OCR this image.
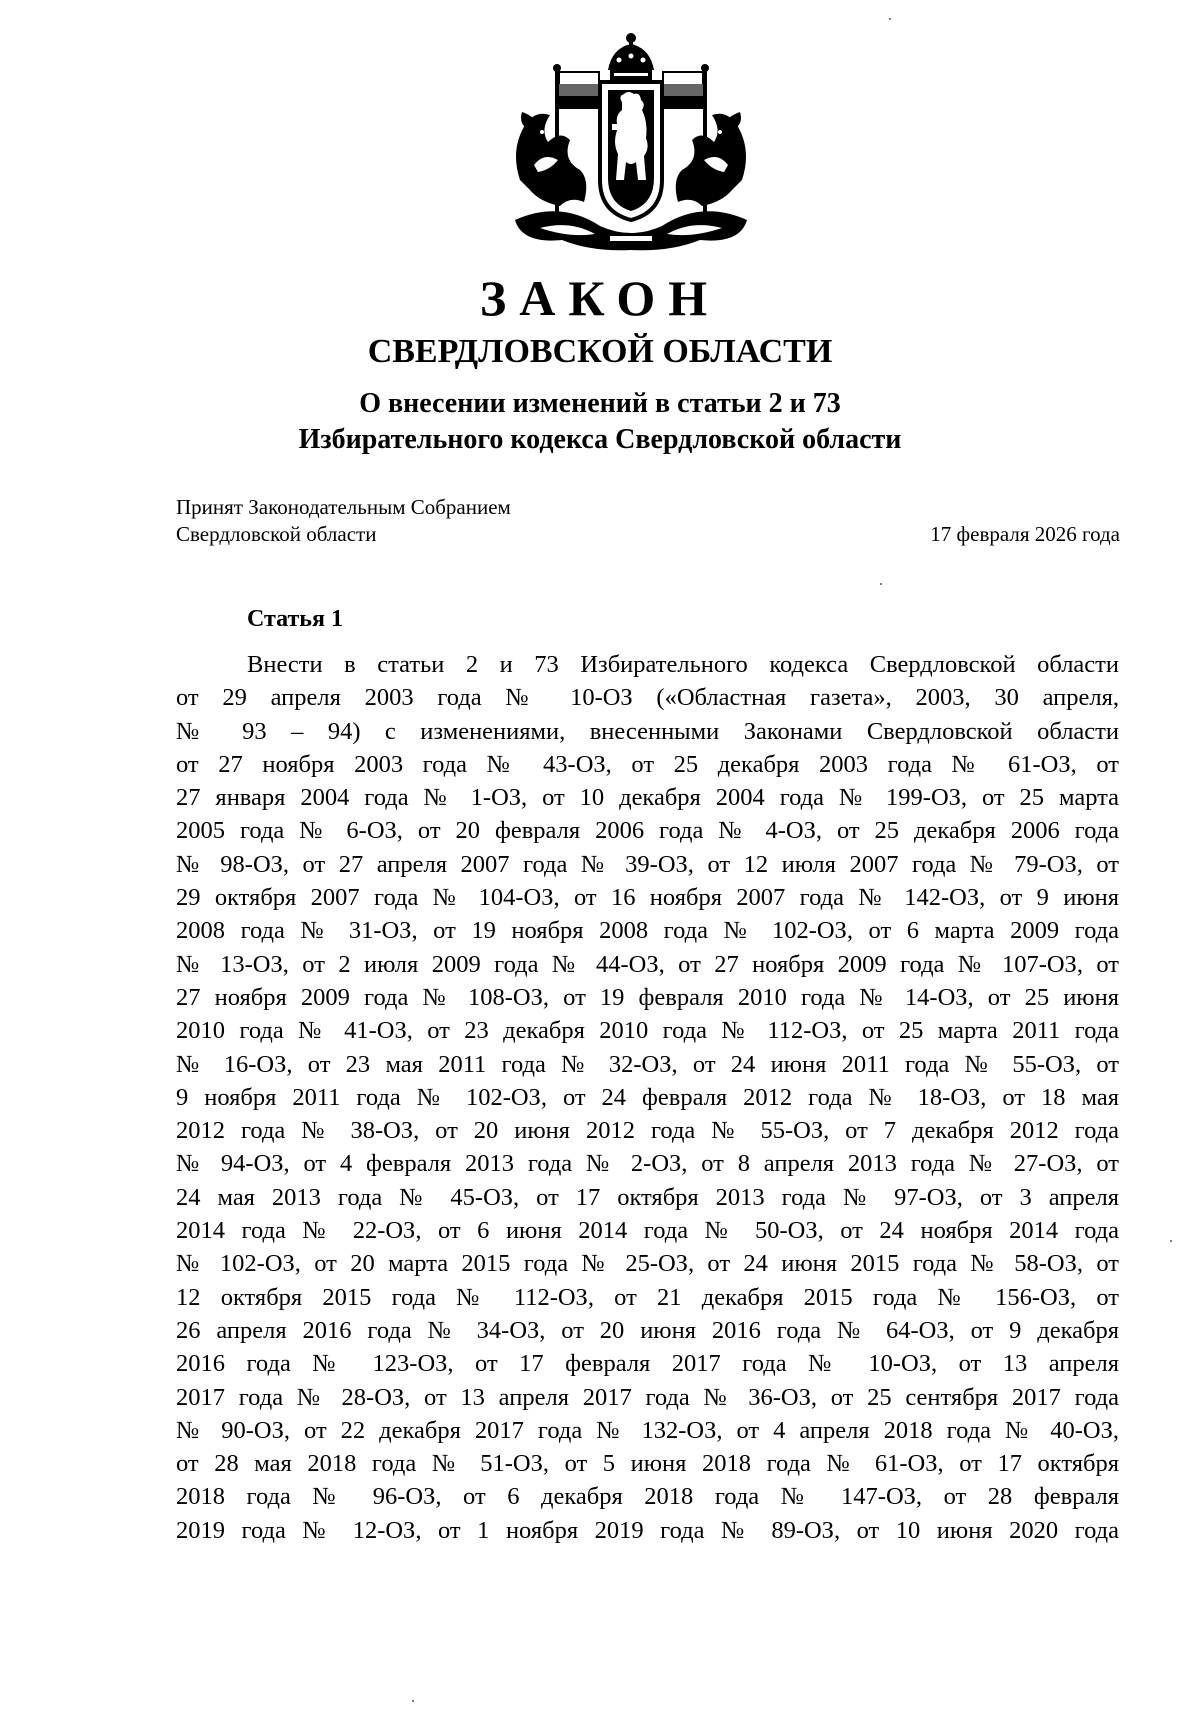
ЗАКОН
СВЕРДЛОВСКОЙ ОБЛАСТИ
О внесении изменений в статьи 2 и 73
Избирательного кодекса Свердловской области
Принят Законодательным Собранием
Свердловской области	17 февраля 2026 года
Статья 1
Внести в статьи 2 и 73 Избирательного кодекса Свердловской области
от 29 апреля 2003 года № 10-ОЗ («Областная газета», 2003, 30 апреля,
№ 93 – 94) с изменениями, внесенными Законами Свердловской области
от 27 ноября 2003 года № 43-ОЗ, от 25 декабря 2003 года № 61-ОЗ, от
27 января 2004 года № 1-ОЗ, от 10 декабря 2004 года № 199-ОЗ, от 25 марта
2005 года № 6-ОЗ, от 20 февраля 2006 года № 4-ОЗ, от 25 декабря 2006 года
№ 98-ОЗ, от 27 апреля 2007 года № 39-ОЗ, от 12 июля 2007 года № 79-ОЗ, от
29 октября 2007 года № 104-ОЗ, от 16 ноября 2007 года № 142-ОЗ, от 9 июня
2008 года № 31-ОЗ, от 19 ноября 2008 года № 102-ОЗ, от 6 марта 2009 года
№ 13-ОЗ, от 2 июля 2009 года № 44-ОЗ, от 27 ноября 2009 года № 107-ОЗ, от
27 ноября 2009 года № 108-ОЗ, от 19 февраля 2010 года № 14-ОЗ, от 25 июня
2010 года № 41-ОЗ, от 23 декабря 2010 года № 112-ОЗ, от 25 марта 2011 года
№ 16-ОЗ, от 23 мая 2011 года № 32-ОЗ, от 24 июня 2011 года № 55-ОЗ, от
9 ноября 2011 года № 102-ОЗ, от 24 февраля 2012 года № 18-ОЗ, от 18 мая
2012 года № 38-ОЗ, от 20 июня 2012 года № 55-ОЗ, от 7 декабря 2012 года
№ 94-ОЗ, от 4 февраля 2013 года № 2-ОЗ, от 8 апреля 2013 года № 27-ОЗ, от
24 мая 2013 года № 45-ОЗ, от 17 октября 2013 года № 97-ОЗ, от 3 апреля
2014 года № 22-ОЗ, от 6 июня 2014 года № 50-ОЗ, от 24 ноября 2014 года
№ 102-ОЗ, от 20 марта 2015 года № 25-ОЗ, от 24 июня 2015 года № 58-ОЗ, от
12 октября 2015 года № 112-ОЗ, от 21 декабря 2015 года № 156-ОЗ, от
26 апреля 2016 года № 34-ОЗ, от 20 июня 2016 года № 64-ОЗ, от 9 декабря
2016 года № 123-ОЗ, от 17 февраля 2017 года № 10-ОЗ, от 13 апреля
2017 года № 28-ОЗ, от 13 апреля 2017 года № 36-ОЗ, от 25 сентября 2017 года
№ 90-ОЗ, от 22 декабря 2017 года № 132-ОЗ, от 4 апреля 2018 года № 40-ОЗ,
от 28 мая 2018 года № 51-ОЗ, от 5 июня 2018 года № 61-ОЗ, от 17 октября
2018 года № 96-ОЗ, от 6 декабря 2018 года № 147-ОЗ, от 28 февраля
2019 года № 12-ОЗ, от 1 ноября 2019 года № 89-ОЗ, от 10 июня 2020 года
